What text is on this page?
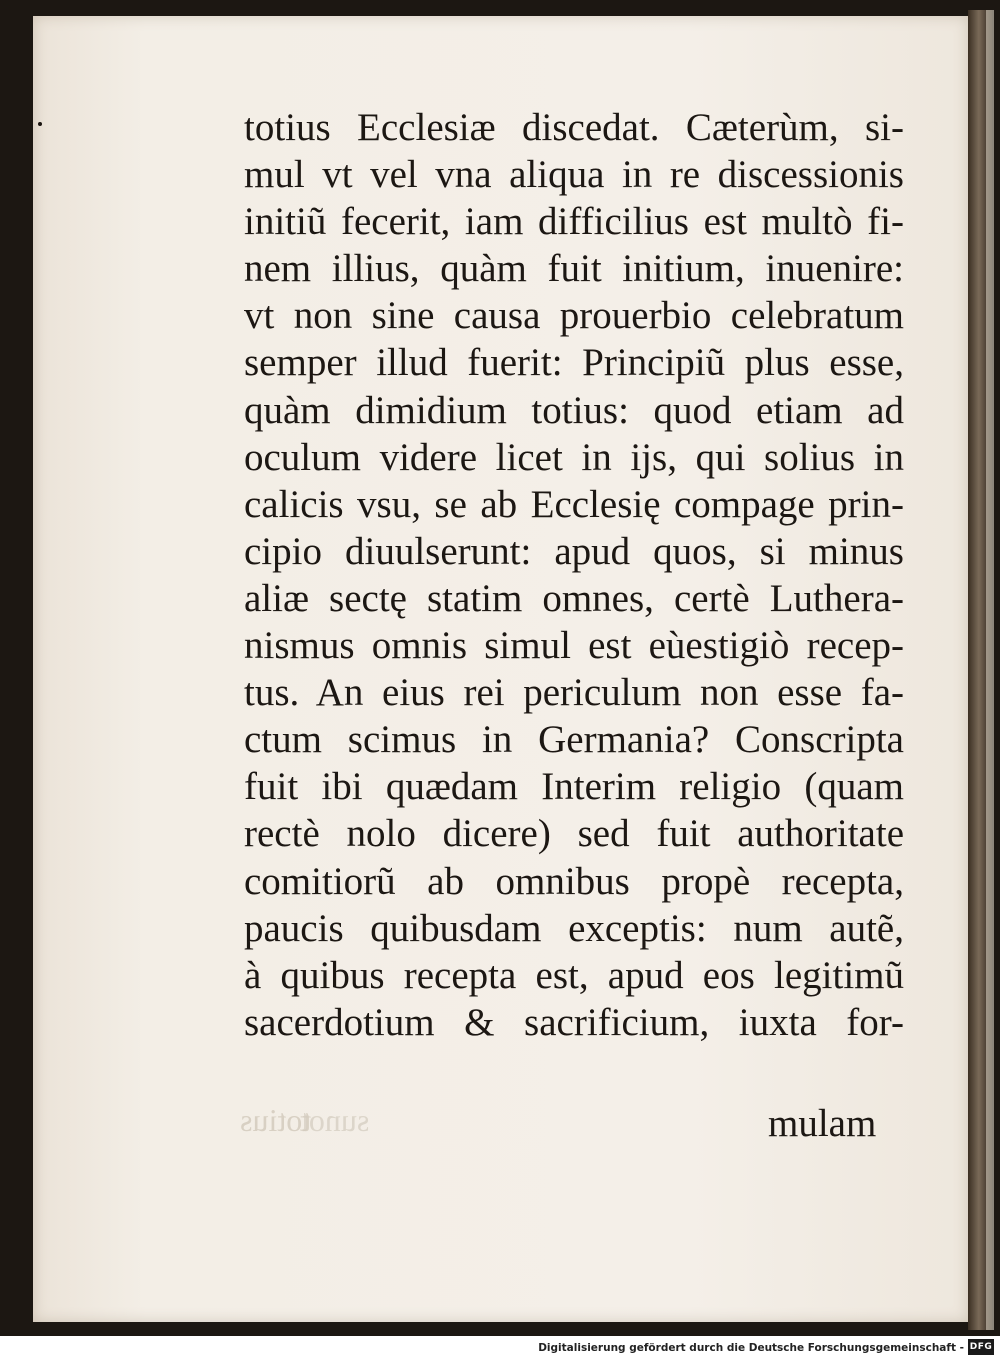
totius Ecclesiæ discedat. Cæterùm, si-
mul vt vel vna aliqua in re discessionis
initiũ fecerit, iam difficilius est multò fi-
nem illius, quàm fuit initium, inuenire:
vt non sine causa prouerbio celebratum
semper illud fuerit: Principiũ plus esse,
quàm dimidium totius: quod etiam ad
oculum videre licet in ijs, qui solius in
calicis vsu, se ab Ecclesię compage prin-
cipio diuulserunt: apud quos, si minus
aliæ sectę statim omnes, certè Luthera-
nismus omnis simul est eùestigiò recep-
tus. An eius rei periculum non esse fa-
ctum scimus in Germania? Conscripta
fuit ibi quædam Interim religio (quam
rectè nolo dicere) sed fuit authoritate
comitiorũ ab omnibus propè recepta,
paucis quibusdam exceptis: num autẽ,
à quibus recepta est, apud eos legitimũ
sacerdotium & sacrificium, iuxta for-
totius
sunot	mulam
Digitalisierung gefördert durch die Deutsche Forschungsgemeinschaft - DFG
